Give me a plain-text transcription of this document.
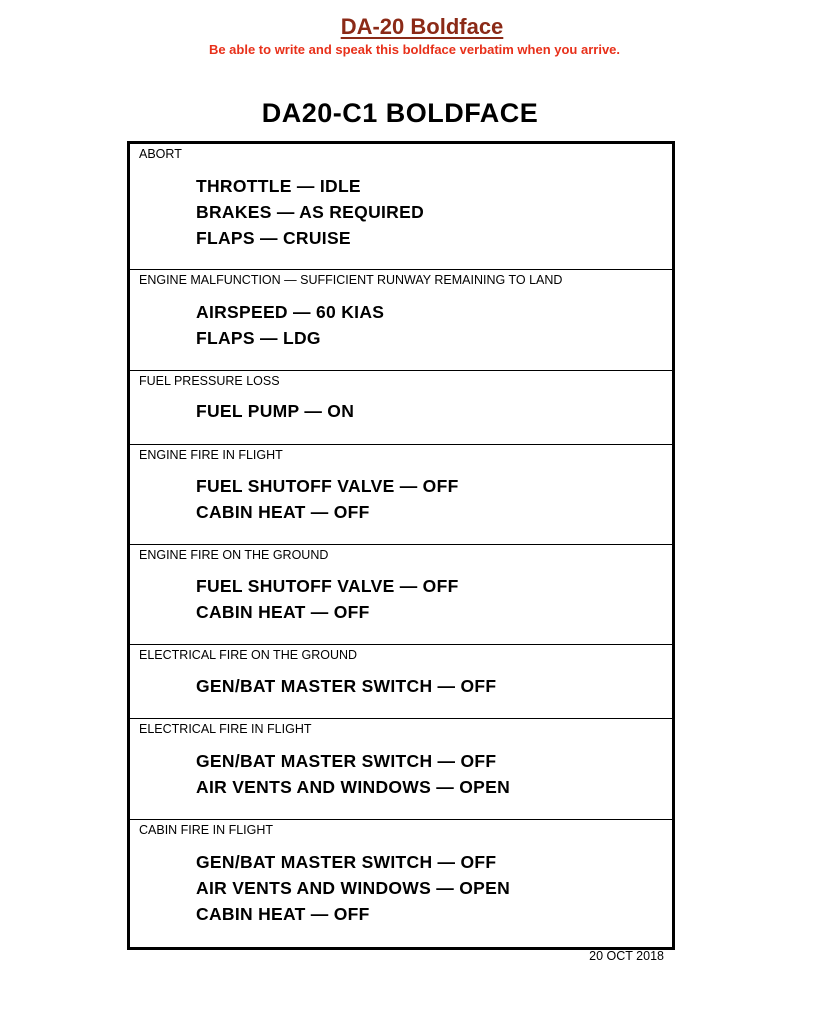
DA-20 Boldface
Be able to write and speak this boldface verbatim when you arrive.
DA20-C1 BOLDFACE
ABORT
THROTTLE — IDLE
BRAKES — AS REQUIRED
FLAPS — CRUISE
ENGINE MALFUNCTION — SUFFICIENT RUNWAY REMAINING TO LAND
AIRSPEED — 60 KIAS
FLAPS — LDG
FUEL PRESSURE LOSS
FUEL PUMP — ON
ENGINE FIRE IN FLIGHT
FUEL SHUTOFF VALVE — OFF
CABIN HEAT — OFF
ENGINE FIRE ON THE GROUND
FUEL SHUTOFF VALVE — OFF
CABIN HEAT — OFF
ELECTRICAL FIRE ON THE GROUND
GEN/BAT MASTER SWITCH — OFF
ELECTRICAL FIRE IN FLIGHT
GEN/BAT MASTER SWITCH — OFF
AIR VENTS AND WINDOWS — OPEN
CABIN FIRE IN FLIGHT
GEN/BAT MASTER SWITCH — OFF
AIR VENTS AND WINDOWS — OPEN
CABIN HEAT — OFF
20 OCT 2018
